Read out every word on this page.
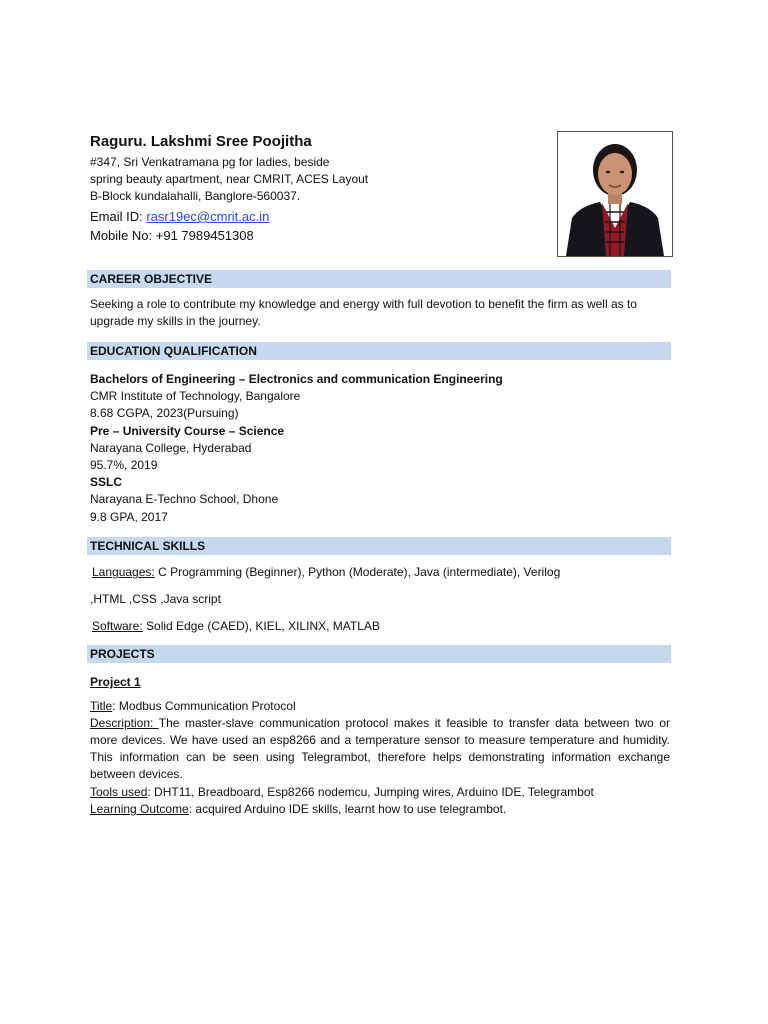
Raguru. Lakshmi Sree Poojitha
#347, Sri Venkatramana pg for ladies, beside
spring beauty apartment, near CMRIT, ACES Layout
B-Block kundalahalli, Banglore-560037.
Email ID: rasr19ec@cmrit.ac.in
Mobile No: +91 7989451308
CAREER OBJECTIVE
Seeking a role to contribute my knowledge and energy with full devotion to benefit the firm as well as to upgrade my skills in the journey.
EDUCATION QUALIFICATION
Bachelors of Engineering – Electronics and communication Engineering
CMR Institute of Technology, Bangalore
8.68 CGPA, 2023(Pursuing)
Pre – University Course – Science
Narayana College, Hyderabad
95.7%, 2019
SSLC
Narayana E-Techno School, Dhone
9.8 GPA, 2017
TECHNICAL SKILLS
Languages: C Programming (Beginner), Python (Moderate), Java (intermediate), Verilog
,HTML ,CSS ,Java script
Software: Solid Edge (CAED), KIEL, XILINX, MATLAB
PROJECTS
Project 1
Title: Modbus Communication Protocol
Description: The master-slave communication protocol makes it feasible to transfer data between two or more devices. We have used an esp8266 and a temperature sensor to measure temperature and humidity. This information can be seen using Telegrambot, therefore helps demonstrating information exchange between devices.
Tools used: DHT11, Breadboard, Esp8266 nodemcu, Jumping wires, Arduino IDE, Telegrambot
Learning Outcome: acquired Arduino IDE skills, learnt how to use telegrambot.
